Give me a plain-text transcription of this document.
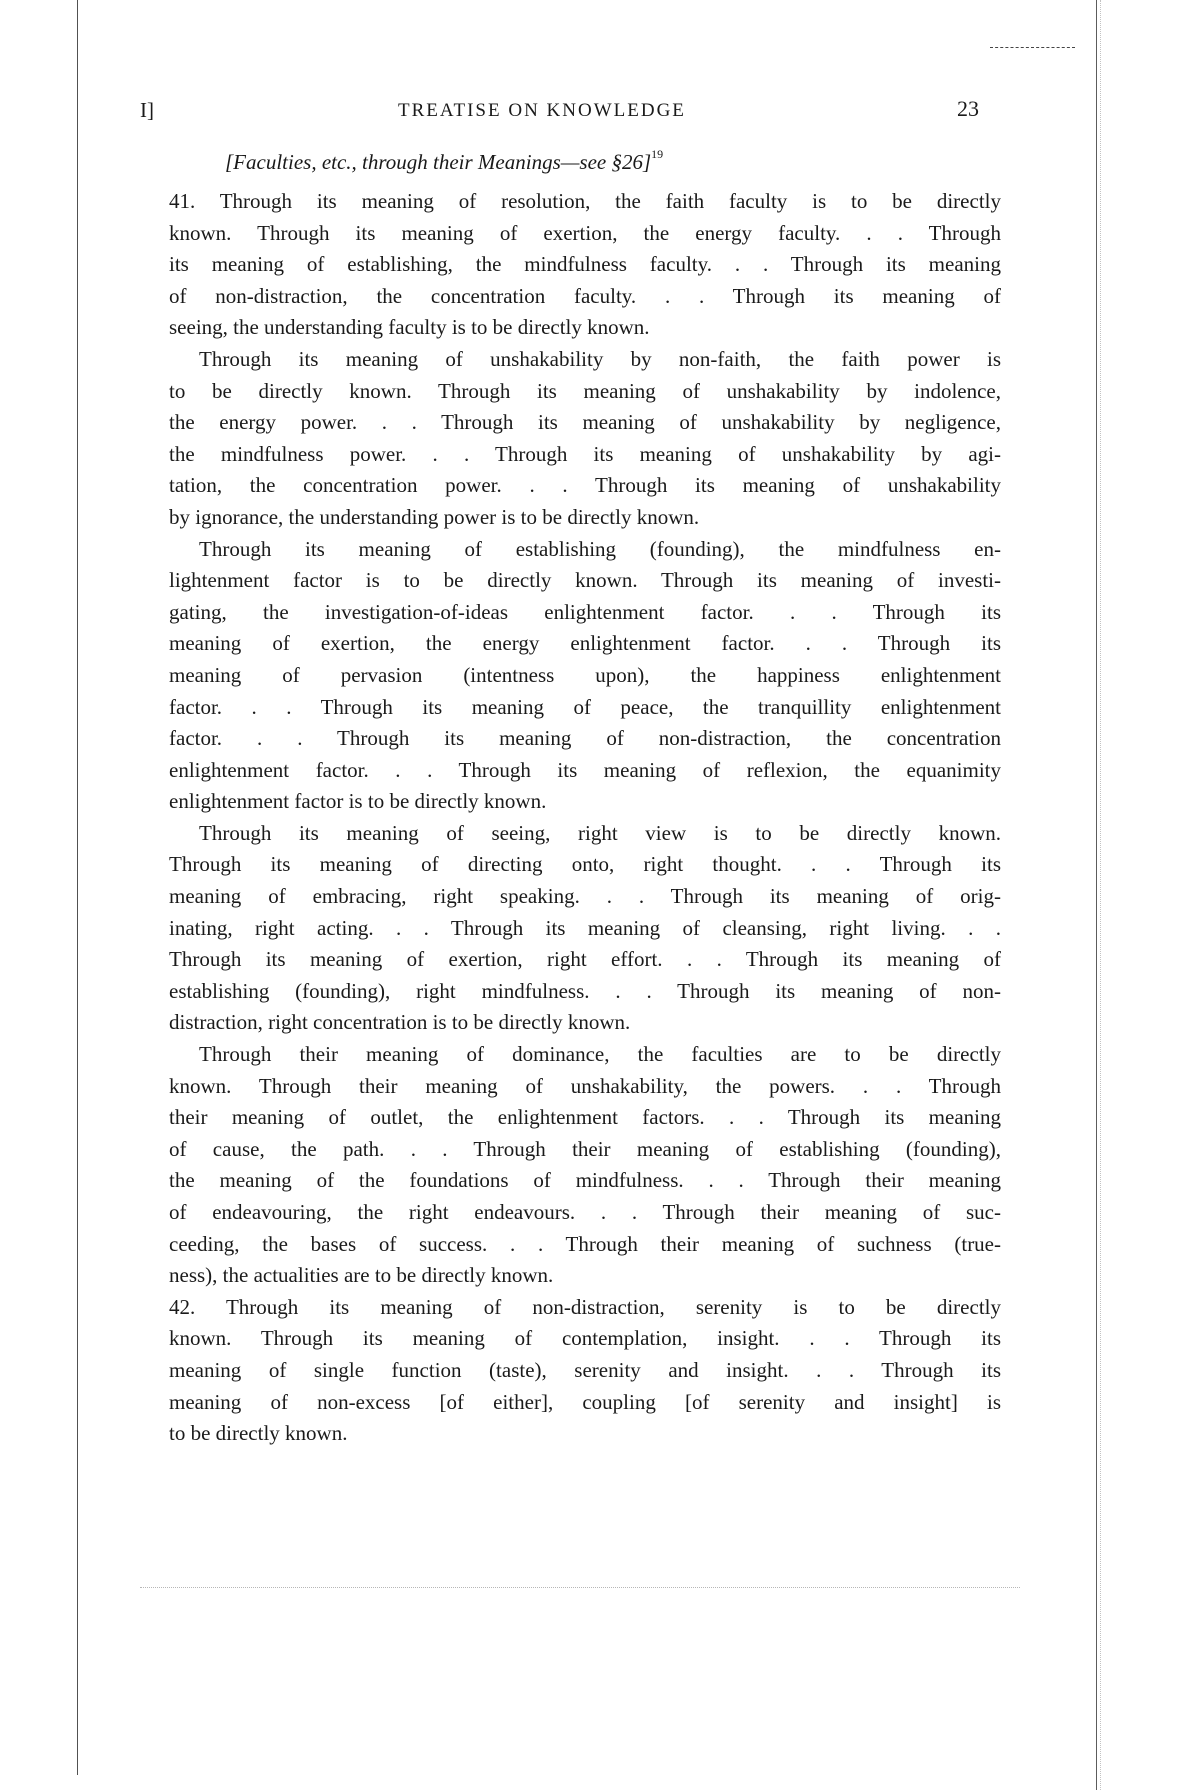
I]	TREATISE ON KNOWLEDGE	23
[Faculties, etc., through their Meanings—see §26]$^{19}$
41. Through its meaning of resolution, the faith faculty is to be directly
known. Through its meaning of exertion, the energy faculty. . . Through
its meaning of establishing, the mindfulness faculty. . . Through its meaning
of non-distraction, the concentration faculty. . . Through its meaning of
seeing, the understanding faculty is to be directly known.
Through its meaning of unshakability by non-faith, the faith power is
to be directly known. Through its meaning of unshakability by indolence,
the energy power. . . Through its meaning of unshakability by negligence,
the mindfulness power. . . Through its meaning of unshakability by agi-
tation, the concentration power. . . Through its meaning of unshakability
by ignorance, the understanding power is to be directly known.
Through its meaning of establishing (founding), the mindfulness en-
lightenment factor is to be directly known. Through its meaning of investi-
gating, the investigation-of-ideas enlightenment factor. . . Through its
meaning of exertion, the energy enlightenment factor. . . Through its
meaning of pervasion (intentness upon), the happiness enlightenment
factor. . . Through its meaning of peace, the tranquillity enlightenment
factor. . . Through its meaning of non-distraction, the concentration
enlightenment factor. . . Through its meaning of reflexion, the equanimity
enlightenment factor is to be directly known.
Through its meaning of seeing, right view is to be directly known.
Through its meaning of directing onto, right thought. . . Through its
meaning of embracing, right speaking. . . Through its meaning of orig-
inating, right acting. . . Through its meaning of cleansing, right living. . .
Through its meaning of exertion, right effort. . . Through its meaning of
establishing (founding), right mindfulness. . . Through its meaning of non-
distraction, right concentration is to be directly known.
Through their meaning of dominance, the faculties are to be directly
known. Through their meaning of unshakability, the powers. . . Through
their meaning of outlet, the enlightenment factors. . . Through its meaning
of cause, the path. . . Through their meaning of establishing (founding),
the meaning of the foundations of mindfulness. . . Through their meaning
of endeavouring, the right endeavours. . . Through their meaning of suc-
ceeding, the bases of success. . . Through their meaning of suchness (true-
ness), the actualities are to be directly known.
42. Through its meaning of non-distraction, serenity is to be directly
known. Through its meaning of contemplation, insight. . . Through its
meaning of single function (taste), serenity and insight. . . Through its
meaning of non-excess [of either], coupling [of serenity and insight] is
to be directly known.
